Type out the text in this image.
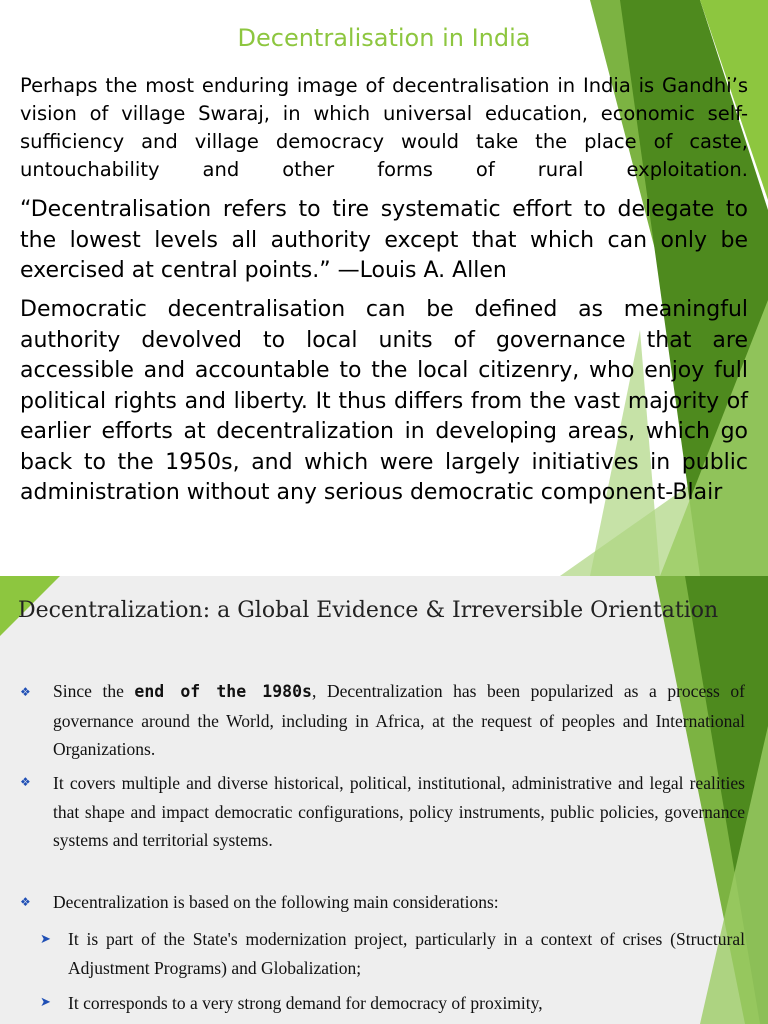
Decentralisation in India
Perhaps the most enduring image of decentralisation in India is Gandhi’s vision of village Swaraj, in which universal education, economic self-sufficiency and village democracy would take the place of caste, untouchability and other forms of rural exploitation.
“Decentralisation refers to tire systematic effort to delegate to the lowest levels all authority except that which can only be exercised at central points.” —Louis A. Allen
Democratic decentralisation can be defined as meaningful authority devolved to local units of governance that are accessible and accountable to the local citizenry, who enjoy full political rights and liberty. It thus differs from the vast majority of earlier efforts at decentralization in developing areas, which go back to the 1950s, and which were largely initiatives in public administration without any serious democratic component-Blair
Decentralization: a Global Evidence & Irreversible Orientation
Since the end of the 1980s, Decentralization has been popularized as a process of governance around the World, including in Africa, at the request of peoples and International Organizations.
❖
It covers multiple and diverse historical, political, institutional, administrative and legal realities that shape and impact democratic configurations, policy instruments, public policies, governance systems and territorial systems.
❖
Decentralization is based on the following main considerations:
❖
It is part of the State's modernization project, particularly in a context of crises (Structural Adjustment Programs) and Globalization;
➤
It corresponds to a very strong demand for democracy of proximity,
➤
